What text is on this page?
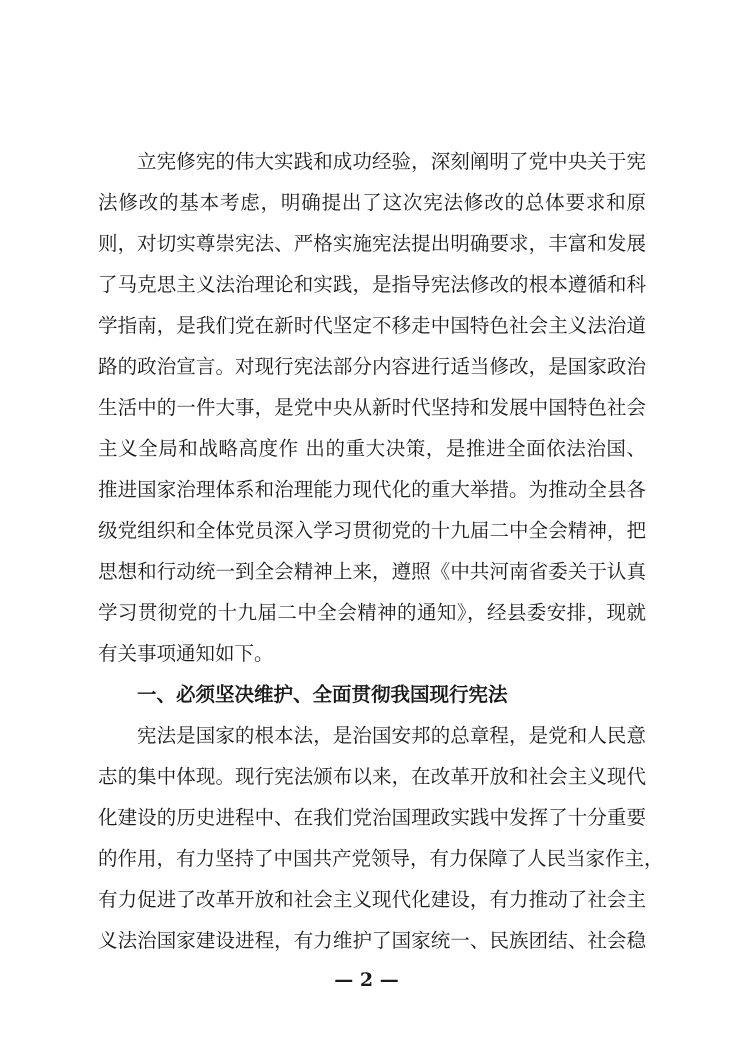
立宪修宪的伟大实践和成功经验，深刻阐明了党中央关于宪
法修改的基本考虑，明确提出了这次宪法修改的总体要求和原
则，对切实尊崇宪法、严格实施宪法提出明确要求，丰富和发展
了马克思主义法治理论和实践，是指导宪法修改的根本遵循和科
学指南，是我们党在新时代坚定不移走中国特色社会主义法治道
路的政治宣言。对现行宪法部分内容进行适当修改，是国家政治
生活中的一件大事，是党中央从新时代坚持和发展中国特色社会
主义全局和战略高度作 出的重大决策，是推进全面依法治国、
推进国家治理体系和治理能力现代化的重大举措。为推动全县各
级党组织和全体党员深入学习贯彻党的十九届二中全会精神，把
思想和行动统一到全会精神上来，遵照《中共河南省委关于认真
学习贯彻党的十九届二中全会精神的通知》，经县委安排，现就
有关事项通知如下。
一、必须坚决维护、全面贯彻我国现行宪法
宪法是国家的根本法，是治国安邦的总章程，是党和人民意
志的集中体现。现行宪法颁布以来，在改革开放和社会主义现代
化建设的历史进程中、在我们党治国理政实践中发挥了十分重要
的作用，有力坚持了中国共产党领导，有力保障了人民当家作主，
有力促进了改革开放和社会主义现代化建设，有力推动了社会主
义法治国家建设进程，有力维护了国家统一、民族团结、社会稳
— 2 —
